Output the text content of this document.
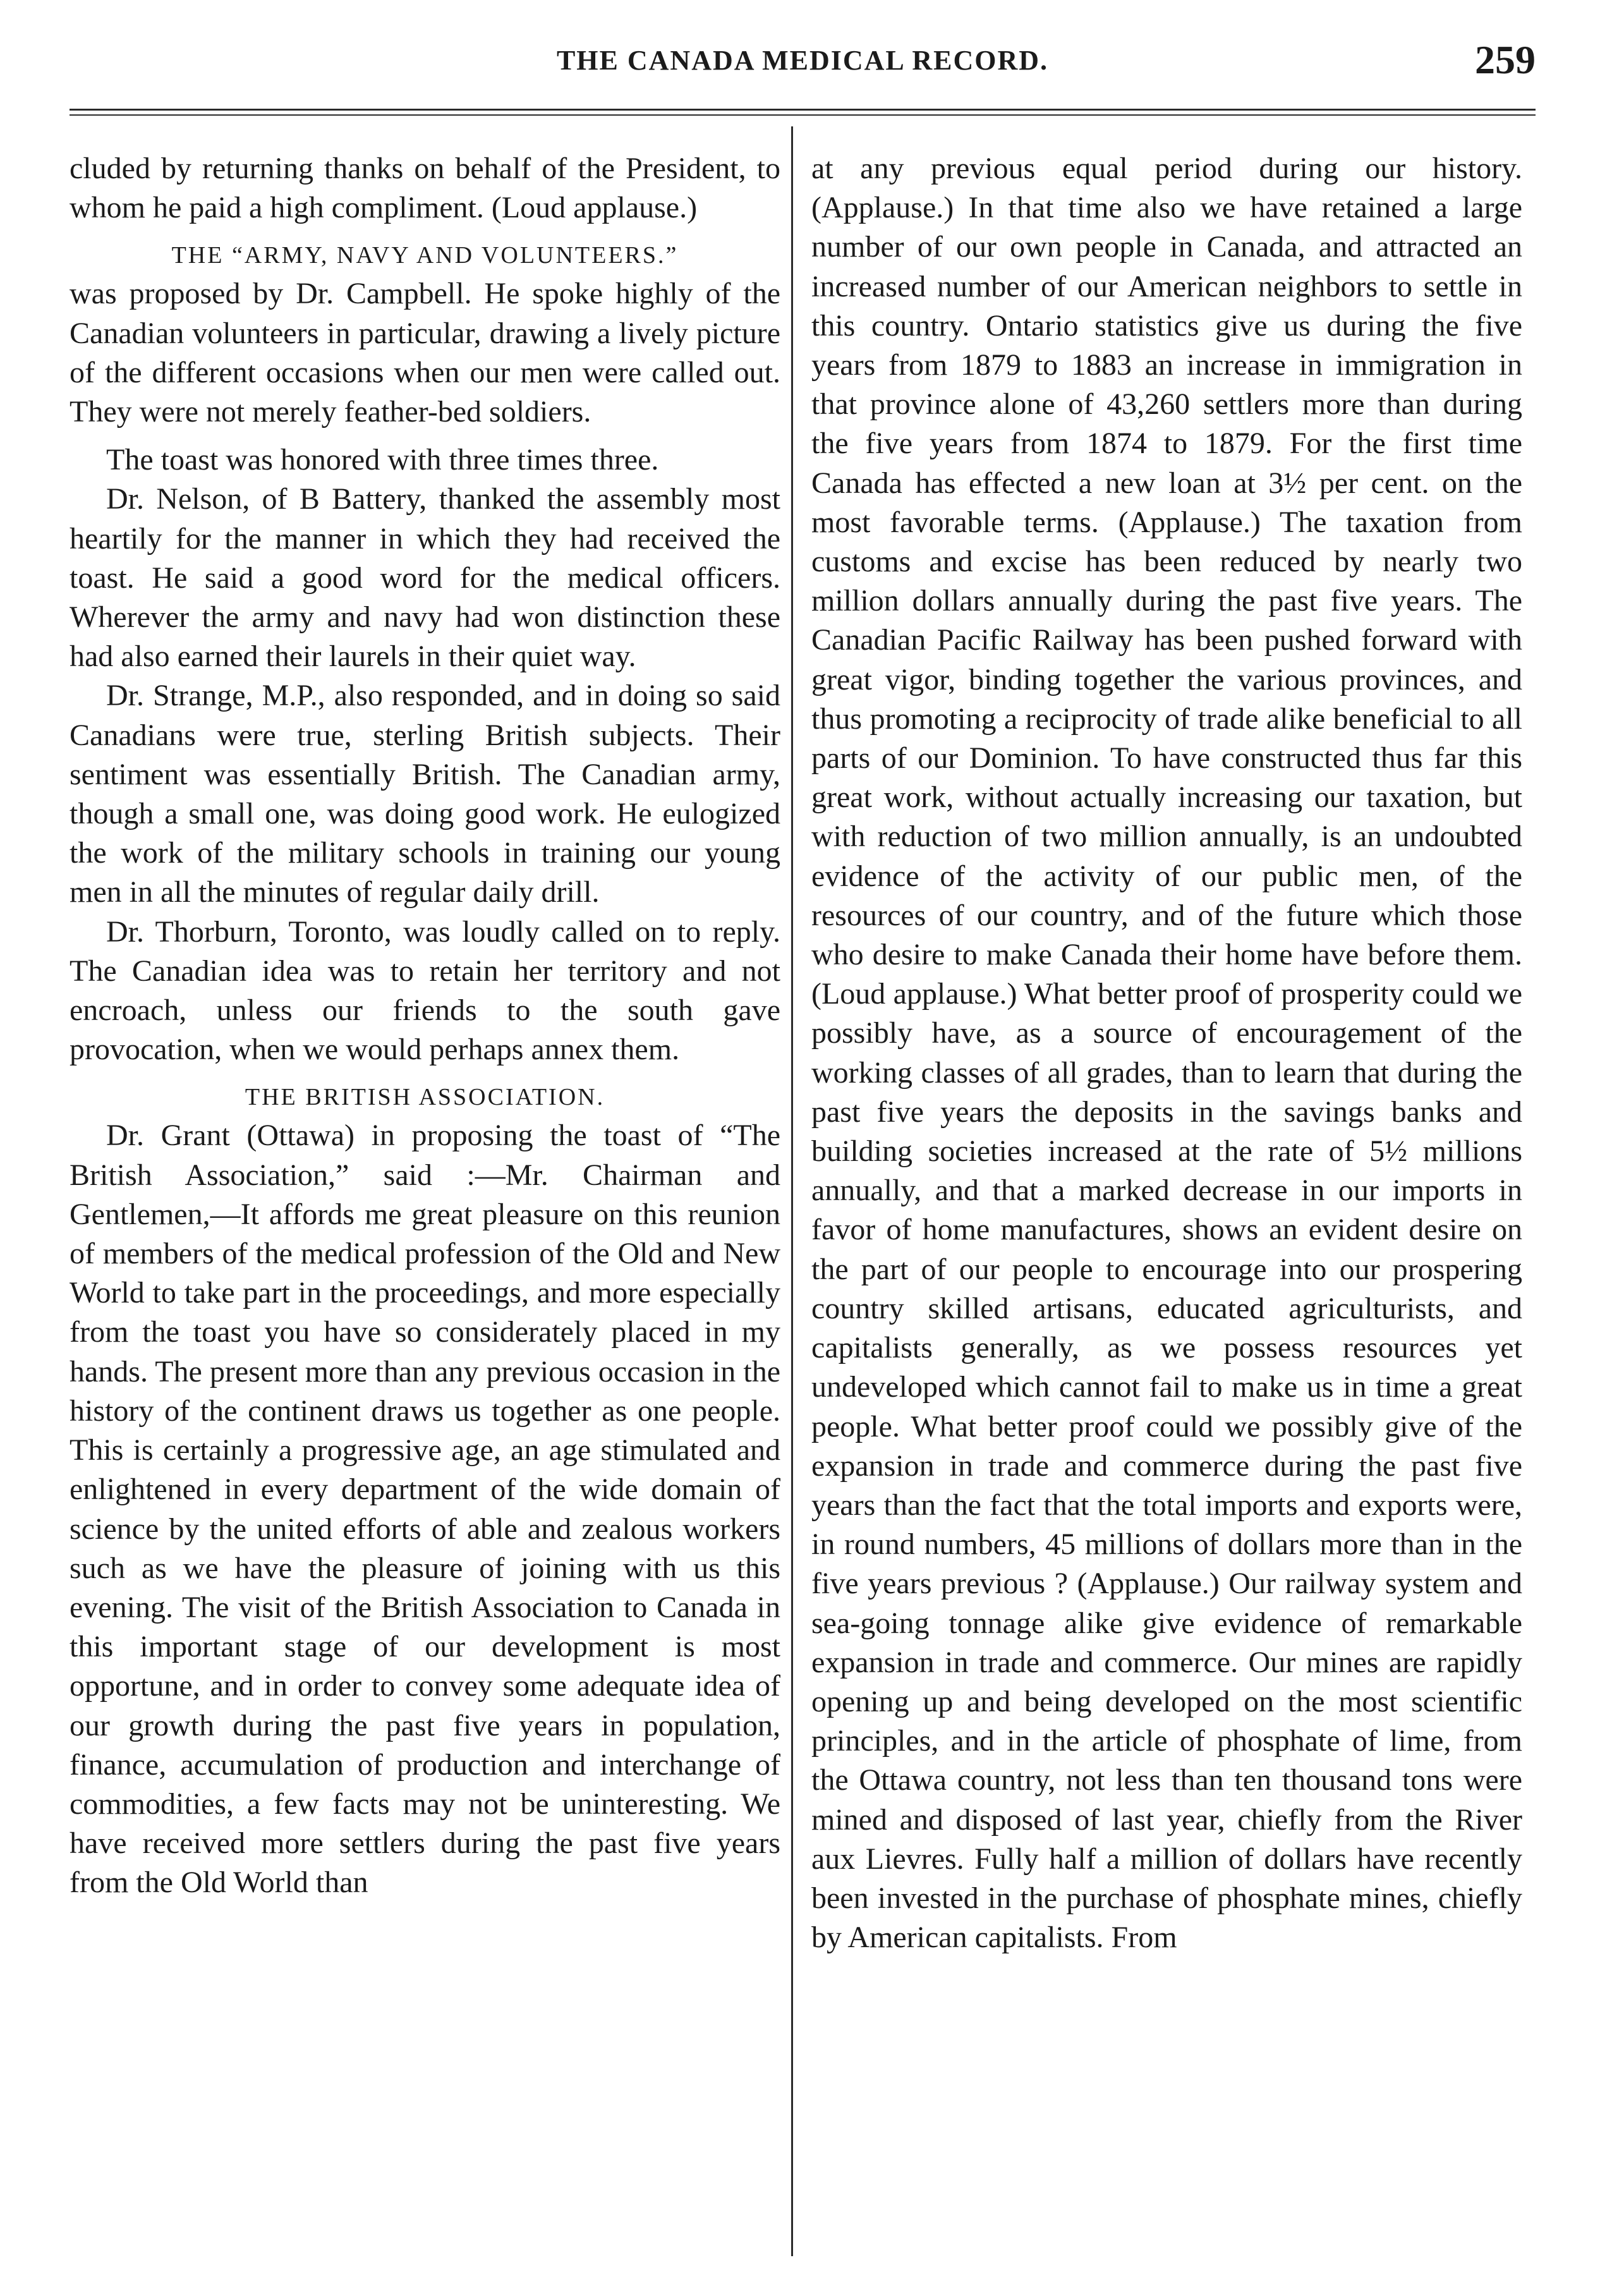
THE CANADA MEDICAL RECORD.	259

cluded by returning thanks on behalf of the President, to whom he paid a high compliment. (Loud applause.)

THE “ARMY, NAVY AND VOLUNTEERS.”

was proposed by Dr. Campbell. He spoke highly of the Canadian volunteers in particular, drawing a lively picture of the different occasions when our men were called out. They were not merely feather-bed soldiers.

The toast was honored with three times three.

Dr. Nelson, of B Battery, thanked the assembly most heartily for the manner in which they had received the toast. He said a good word for the medical officers. Wherever the army and navy had won distinction these had also earned their laurels in their quiet way.

Dr. Strange, M.P., also responded, and in doing so said Canadians were true, sterling British subjects. Their sentiment was essentially British. The Canadian army, though a small one, was doing good work. He eulogized the work of the military schools in training our young men in all the minutes of regular daily drill.

Dr. Thorburn, Toronto, was loudly called on to reply. The Canadian idea was to retain her territory and not encroach, unless our friends to the south gave provocation, when we would perhaps annex them.

THE BRITISH ASSOCIATION.

Dr. Grant (Ottawa) in proposing the toast of “The British Association,” said :—Mr. Chairman and Gentlemen,—It affords me great pleasure on this reunion of members of the medical profession of the Old and New World to take part in the proceedings, and more especially from the toast you have so considerately placed in my hands. The present more than any previous occasion in the history of the continent draws us together as one people. This is certainly a progressive age, an age stimulated and enlightened in every department of the wide domain of science by the united efforts of able and zealous workers such as we have the pleasure of joining with us this evening. The visit of the British Association to Canada in this important stage of our development is most opportune, and in order to convey some adequate idea of our growth during the past five years in population, finance, accumulation of production and interchange of commodities, a few facts may not be uninteresting. We have received more settlers during the past five years from the Old World than

at any previous equal period during our history. (Applause.) In that time also we have retained a large number of our own people in Canada, and attracted an increased number of our American neighbors to settle in this country. Ontario statistics give us during the five years from 1879 to 1883 an increase in immigration in that province alone of 43,260 settlers more than during the five years from 1874 to 1879. For the first time Canada has effected a new loan at 3½ per cent. on the most favorable terms. (Applause.) The taxation from customs and excise has been reduced by nearly two million dollars annually during the past five years. The Canadian Pacific Railway has been pushed forward with great vigor, binding together the various provinces, and thus promoting a reciprocity of trade alike beneficial to all parts of our Dominion. To have constructed thus far this great work, without actually increasing our taxation, but with reduction of two million annually, is an undoubted evidence of the activity of our public men, of the resources of our country, and of the future which those who desire to make Canada their home have before them. (Loud applause.) What better proof of prosperity could we possibly have, as a source of encouragement of the working classes of all grades, than to learn that during the past five years the deposits in the savings banks and building societies increased at the rate of 5½ millions annually, and that a marked decrease in our imports in favor of home manufactures, shows an evident desire on the part of our people to encourage into our prospering country skilled artisans, educated agriculturists, and capitalists generally, as we possess resources yet undeveloped which cannot fail to make us in time a great people. What better proof could we possibly give of the expansion in trade and commerce during the past five years than the fact that the total imports and exports were, in round numbers, 45 millions of dollars more than in the five years previous ? (Applause.) Our railway system and sea-going tonnage alike give evidence of remarkable expansion in trade and commerce. Our mines are rapidly opening up and being developed on the most scientific principles, and in the article of phosphate of lime, from the Ottawa country, not less than ten thousand tons were mined and disposed of last year, chiefly from the River aux Lievres. Fully half a million of dollars have recently been invested in the purchase of phosphate mines, chiefly by American capitalists. From
